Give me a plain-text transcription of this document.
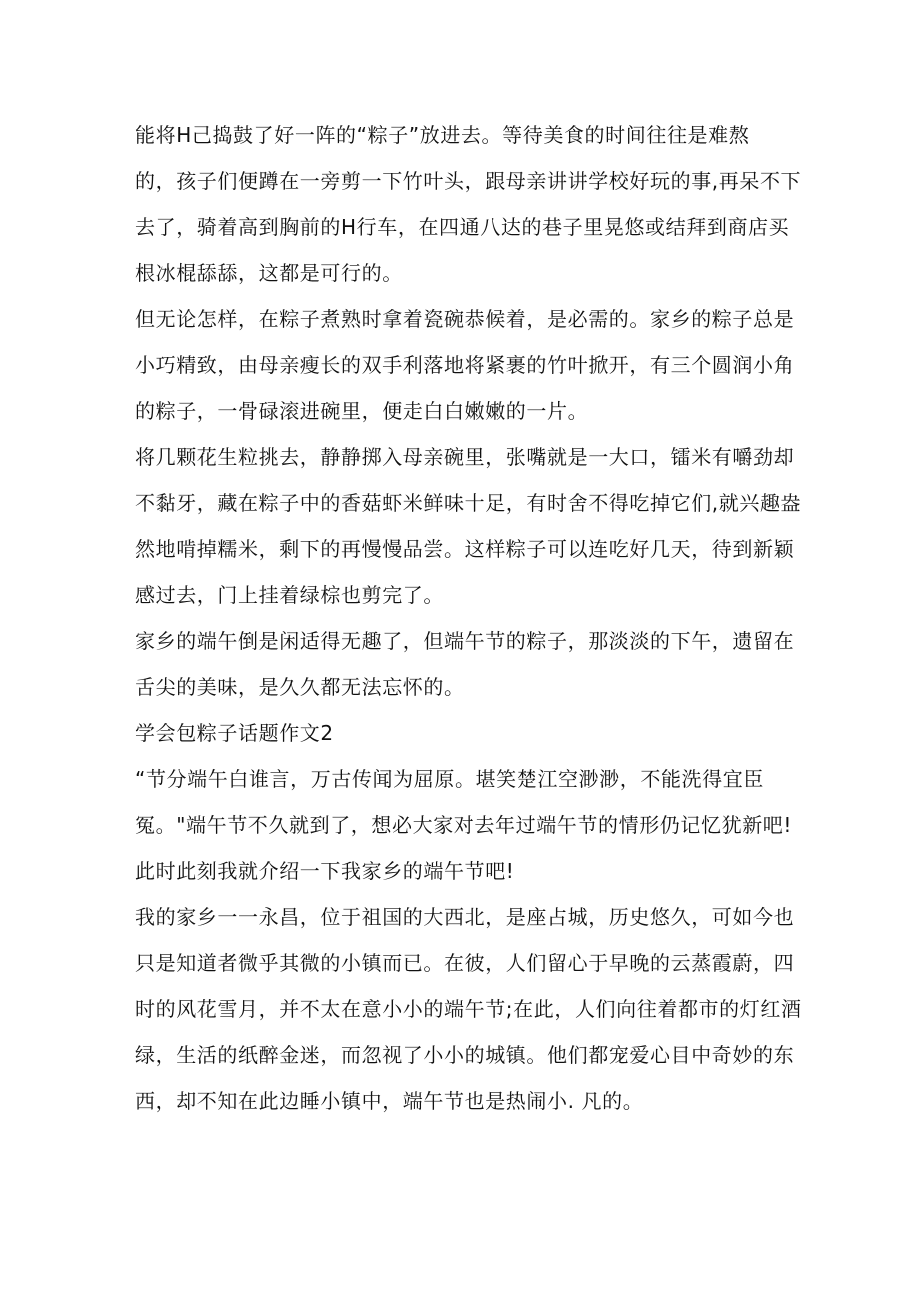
能将H己捣鼓了好一阵的“粽子”放进去。等待美食的时间往往是难熬
的，孩子们便蹲在一旁剪一下竹叶头，跟母亲讲讲学校好玩的事,再呆不下
去了，骑着高到胸前的H行车，在四通八达的巷子里晃悠或结拜到商店买
根冰棍舔舔，这都是可行的。
但无论怎样，在粽子煮熟时拿着瓷碗恭候着，是必需的。家乡的粽子总是
小巧精致，由母亲瘦长的双手利落地将紧裹的竹叶掀开，有三个圆润小角
的粽子，一骨碌滚进碗里，便走白白嫩嫩的一片。
将几颗花生粒挑去，静静掷入母亲碗里，张嘴就是一大口，镭米有嚼劲却
不黏牙，藏在粽子中的香菇虾米鲜味十足，有时舍不得吃掉它们,就兴趣盎
然地啃掉糯米，剩下的再慢慢品尝。这样粽子可以连吃好几天，待到新颖
感过去，门上挂着绿棕也剪完了。
家乡的端午倒是闲适得无趣了，但端午节的粽子，那淡淡的下午，遗留在
舌尖的美味，是久久都无法忘怀的。
学会包粽子话题作文2
“节分端午白谁言，万古传闻为屈原。堪笑楚江空渺渺，不能洗得宜臣
冤。"端午节不久就到了，想必大家对去年过端午节的情形仍记忆犹新吧!
此时此刻我就介绍一下我家乡的端午节吧!
我的家乡一一永昌，位于祖国的大西北，是座占城，历史悠久，可如今也
只是知道者微乎其微的小镇而已。在彼，人们留心于早晚的云蒸霞蔚，四
时的风花雪月，并不太在意小小的端午节;在此，人们向往着都市的灯红酒
绿，生活的纸醉金迷，而忽视了小小的城镇。他们都宠爱心目中奇妙的东
西，却不知在此边睡小镇中，端午节也是热闹小. 凡的。
